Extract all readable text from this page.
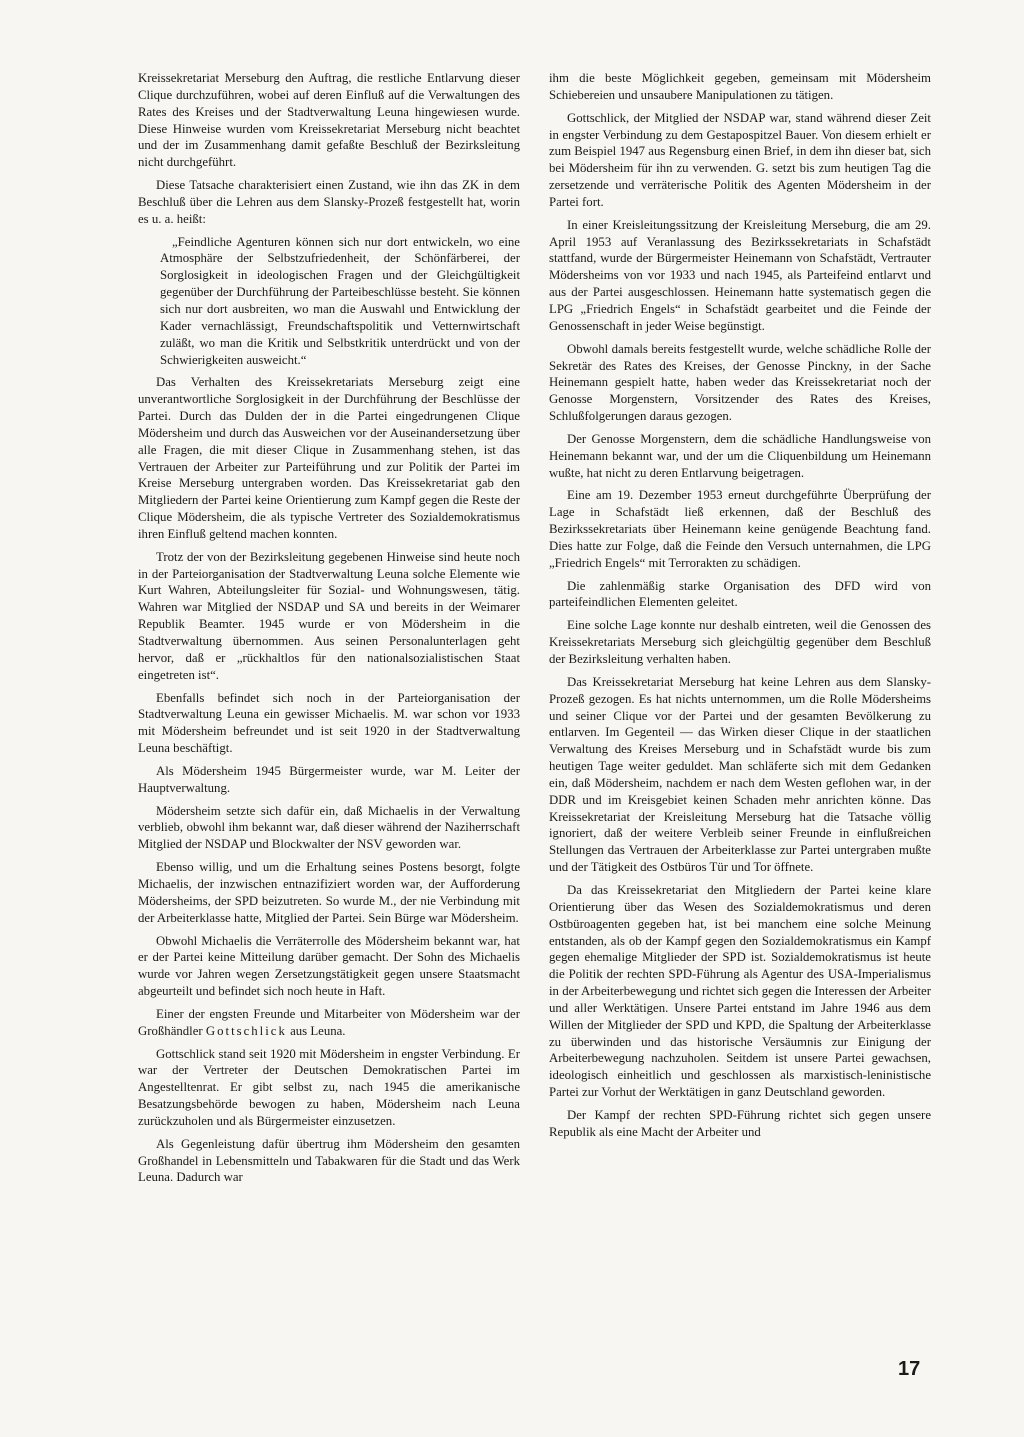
Kreissekretariat Merseburg den Auftrag, die restliche Entlarvung dieser Clique durchzuführen, wobei auf deren Einfluß auf die Verwaltungen des Rates des Kreises und der Stadtverwaltung Leuna hingewiesen wurde. Diese Hinweise wurden vom Kreissekretariat Merseburg nicht beachtet und der im Zusammenhang damit gefaßte Beschluß der Bezirksleitung nicht durchgeführt.

Diese Tatsache charakterisiert einen Zustand, wie ihn das ZK in dem Beschluß über die Lehren aus dem Slansky-Prozeß festgestellt hat, worin es u. a. heißt:

„Feindliche Agenturen können sich nur dort entwickeln, wo eine Atmosphäre der Selbstzufriedenheit, der Schönfärberei, der Sorglosigkeit in ideologischen Fragen und der Gleichgültigkeit gegenüber der Durchführung der Parteibeschlüsse besteht. Sie können sich nur dort ausbreiten, wo man die Auswahl und Entwicklung der Kader vernachlässigt, Freundschaftspolitik und Vetternwirtschaft zuläßt, wo man die Kritik und Selbstkritik unterdrückt und von der Schwierigkeiten ausweicht.“

Das Verhalten des Kreissekretariats Merseburg zeigt eine unverantwortliche Sorglosigkeit in der Durchführung der Beschlüsse der Partei. Durch das Dulden der in die Partei eingedrungenen Clique Mödersheim und durch das Ausweichen vor der Auseinandersetzung über alle Fragen, die mit dieser Clique in Zusammenhang stehen, ist das Vertrauen der Arbeiter zur Parteiführung und zur Politik der Partei im Kreise Merseburg untergraben worden. Das Kreissekretariat gab den Mitgliedern der Partei keine Orientierung zum Kampf gegen die Reste der Clique Mödersheim, die als typische Vertreter des Sozialdemokratismus ihren Einfluß geltend machen konnten.

Trotz der von der Bezirksleitung gegebenen Hinweise sind heute noch in der Parteiorganisation der Stadtverwaltung Leuna solche Elemente wie Kurt Wahren, Abteilungsleiter für Sozial- und Wohnungswesen, tätig. Wahren war Mitglied der NSDAP und SA und bereits in der Weimarer Republik Beamter. 1945 wurde er von Mödersheim in die Stadtverwaltung übernommen. Aus seinen Personalunterlagen geht hervor, daß er „rückhaltlos für den nationalsozialistischen Staat eingetreten ist“.

Ebenfalls befindet sich noch in der Parteiorganisation der Stadtverwaltung Leuna ein gewisser Michaelis. M. war schon vor 1933 mit Mödersheim befreundet und ist seit 1920 in der Stadtverwaltung Leuna beschäftigt.

Als Mödersheim 1945 Bürgermeister wurde, war M. Leiter der Hauptverwaltung.

Mödersheim setzte sich dafür ein, daß Michaelis in der Verwaltung verblieb, obwohl ihm bekannt war, daß dieser während der Naziherrschaft Mitglied der NSDAP und Blockwalter der NSV geworden war.

Ebenso willig, und um die Erhaltung seines Postens besorgt, folgte Michaelis, der inzwischen entnazifiziert worden war, der Aufforderung Mödersheims, der SPD beizutreten. So wurde M., der nie Verbindung mit der Arbeiterklasse hatte, Mitglied der Partei. Sein Bürge war Mödersheim.

Obwohl Michaelis die Verräterrolle des Mödersheim bekannt war, hat er der Partei keine Mitteilung darüber gemacht. Der Sohn des Michaelis wurde vor Jahren wegen Zersetzungstätigkeit gegen unsere Staatsmacht abgeurteilt und befindet sich noch heute in Haft.

Einer der engsten Freunde und Mitarbeiter von Mödersheim war der Großhändler Gottschlick aus Leuna.

Gottschlick stand seit 1920 mit Mödersheim in engster Verbindung. Er war der Vertreter der Deutschen Demokratischen Partei im Angestelltenrat. Er gibt selbst zu, nach 1945 die amerikanische Besatzungsbehörde bewogen zu haben, Mödersheim nach Leuna zurückzuholen und als Bürgermeister einzusetzen.

Als Gegenleistung dafür übertrug ihm Mödersheim den gesamten Großhandel in Lebensmitteln und Tabakwaren für die Stadt und das Werk Leuna. Dadurch war

ihm die beste Möglichkeit gegeben, gemeinsam mit Mödersheim Schiebereien und unsaubere Manipulationen zu tätigen.

Gottschlick, der Mitglied der NSDAP war, stand während dieser Zeit in engster Verbindung zu dem Gestapospitzel Bauer. Von diesem erhielt er zum Beispiel 1947 aus Regensburg einen Brief, in dem ihn dieser bat, sich bei Mödersheim für ihn zu verwenden. G. setzt bis zum heutigen Tag die zersetzende und verräterische Politik des Agenten Mödersheim in der Partei fort.

In einer Kreisleitungssitzung der Kreisleitung Merseburg, die am 29. April 1953 auf Veranlassung des Bezirkssekretariats in Schafstädt stattfand, wurde der Bürgermeister Heinemann von Schafstädt, Vertrauter Mödersheims von vor 1933 und nach 1945, als Parteifeind entlarvt und aus der Partei ausgeschlossen. Heinemann hatte systematisch gegen die LPG „Friedrich Engels“ in Schafstädt gearbeitet und die Feinde der Genossenschaft in jeder Weise begünstigt.

Obwohl damals bereits festgestellt wurde, welche schädliche Rolle der Sekretär des Rates des Kreises, der Genosse Pinckny, in der Sache Heinemann gespielt hatte, haben weder das Kreissekretariat noch der Genosse Morgenstern, Vorsitzender des Rates des Kreises, Schlußfolgerungen daraus gezogen.

Der Genosse Morgenstern, dem die schädliche Handlungsweise von Heinemann bekannt war, und der um die Cliquenbildung um Heinemann wußte, hat nicht zu deren Entlarvung beigetragen.

Eine am 19. Dezember 1953 erneut durchgeführte Überprüfung der Lage in Schafstädt ließ erkennen, daß der Beschluß des Bezirkssekretariats über Heinemann keine genügende Beachtung fand. Dies hatte zur Folge, daß die Feinde den Versuch unternahmen, die LPG „Friedrich Engels“ mit Terrorakten zu schädigen.

Die zahlenmäßig starke Organisation des DFD wird von parteifeindlichen Elementen geleitet.

Eine solche Lage konnte nur deshalb eintreten, weil die Genossen des Kreissekretariats Merseburg sich gleichgültig gegenüber dem Beschluß der Bezirksleitung verhalten haben.

Das Kreissekretariat Merseburg hat keine Lehren aus dem Slansky-Prozeß gezogen. Es hat nichts unternommen, um die Rolle Mödersheims und seiner Clique vor der Partei und der gesamten Bevölkerung zu entlarven. Im Gegenteil — das Wirken dieser Clique in der staatlichen Verwaltung des Kreises Merseburg und in Schafstädt wurde bis zum heutigen Tage weiter geduldet. Man schläferte sich mit dem Gedanken ein, daß Mödersheim, nachdem er nach dem Westen geflohen war, in der DDR und im Kreisgebiet keinen Schaden mehr anrichten könne. Das Kreissekretariat der Kreisleitung Merseburg hat die Tatsache völlig ignoriert, daß der weitere Verbleib seiner Freunde in einflußreichen Stellungen das Vertrauen der Arbeiterklasse zur Partei untergraben mußte und der Tätigkeit des Ostbüros Tür und Tor öffnete.

Da das Kreissekretariat den Mitgliedern der Partei keine klare Orientierung über das Wesen des Sozialdemokratismus und deren Ostbüroagenten gegeben hat, ist bei manchem eine solche Meinung entstanden, als ob der Kampf gegen den Sozialdemokratismus ein Kampf gegen ehemalige Mitglieder der SPD ist. Sozialdemokratismus ist heute die Politik der rechten SPD-Führung als Agentur des USA-Imperialismus in der Arbeiterbewegung und richtet sich gegen die Interessen der Arbeiter und aller Werktätigen. Unsere Partei entstand im Jahre 1946 aus dem Willen der Mitglieder der SPD und KPD, die Spaltung der Arbeiterklasse zu überwinden und das historische Versäumnis zur Einigung der Arbeiterbewegung nachzuholen. Seitdem ist unsere Partei gewachsen, ideologisch einheitlich und geschlossen als marxistisch-leninistische Partei zur Vorhut der Werktätigen in ganz Deutschland geworden.

Der Kampf der rechten SPD-Führung richtet sich gegen unsere Republik als eine Macht der Arbeiter und

17
